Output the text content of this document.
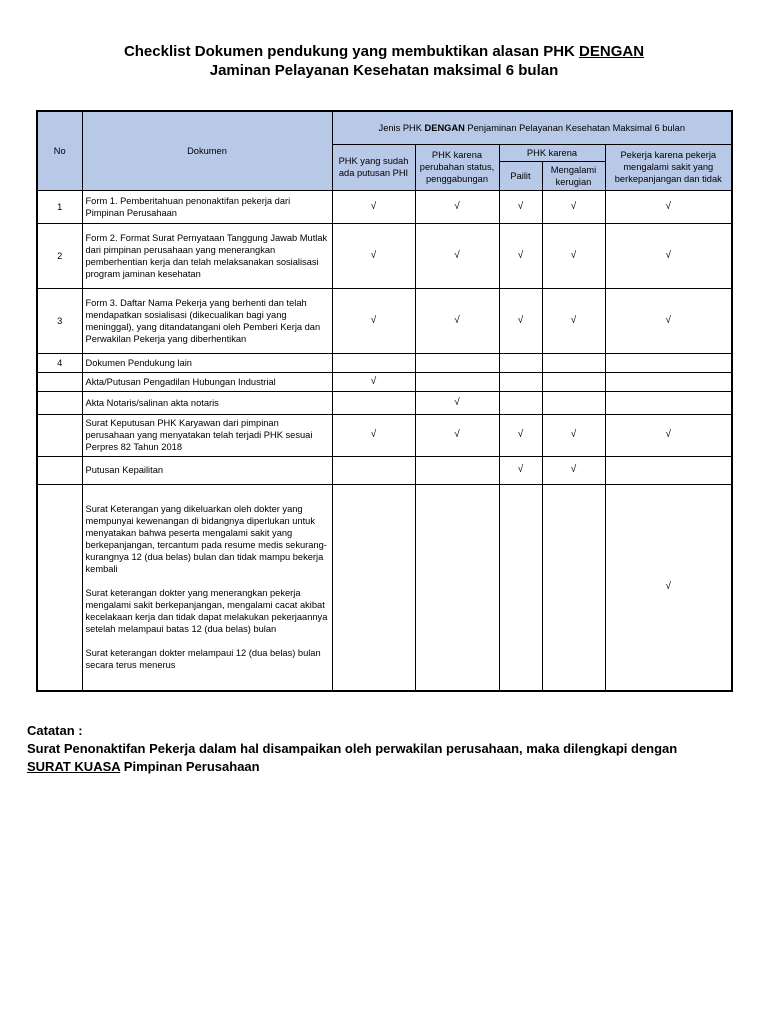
Checklist Dokumen pendukung yang membuktikan alasan PHK DENGAN
Jaminan Pelayanan Kesehatan maksimal 6 bulan
No	Dokumen	Jenis PHK DENGAN Penjaminan Pelayanan Kesehatan Maksimal 6 bulan				
		PHK yang sudah ada putusan PHI	PHK karena perubahan status, penggabungan	PHK karena		Pekerja karena pekerja mengalami sakit yang berkepanjangan dan tidak
				Pailit	Mengalami kerugian	
1	Form 1. Pemberitahuan penonaktifan pekerja dari Pimpinan Perusahaan	√	√	√	√	√
2	Form 2. Format Surat Pernyataan Tanggung Jawab Mutlak dari pimpinan perusahaan yang menerangkan pemberhentian kerja dan telah melaksanakan sosialisasi program jaminan kesehatan	√	√	√	√	√
3	Form 3. Daftar Nama Pekerja yang berhenti dan telah mendapatkan sosialisasi (dikecualikan bagi yang meninggal), yang ditandatangani oleh Pemberi Kerja dan Perwakilan Pekerja yang diberhentikan	√	√	√	√	√
4	Dokumen Pendukung lain					

	Akta/Putusan Pengadilan Hubungan Industrial	√				

	Akta Notaris/salinan akta notaris		√			

	Surat Keputusan PHK Karyawan dari pimpinan perusahaan yang menyatakan telah terjadi PHK sesuai Perpres 82 Tahun 2018	√	√	√	√	√

	Putusan Kepailitan			√	√	

	Surat Keterangan yang dikeluarkan oleh dokter yang mempunyai kewenangan di bidangnya diperlukan untuk menyatakan bahwa peserta mengalami sakit yang berkepanjangan, tercantum pada resume medis sekurang-kurangnya 12 (dua belas) bulan dan tidak mampu bekerja kembali
Surat keterangan dokter yang menerangkan pekerja mengalami sakit berkepanjangan, mengalami cacat akibat kecelakaan kerja dan tidak dapat melakukan pekerjaannya setelah melampaui batas 12 (dua belas) bulan
Surat keterangan dokter melampaui 12 (dua belas) bulan secara terus menerus					√
Catatan :
Surat Penonaktifan Pekerja dalam hal disampaikan oleh perwakilan perusahaan, maka dilengkapi dengan
SURAT KUASA Pimpinan Perusahaan
